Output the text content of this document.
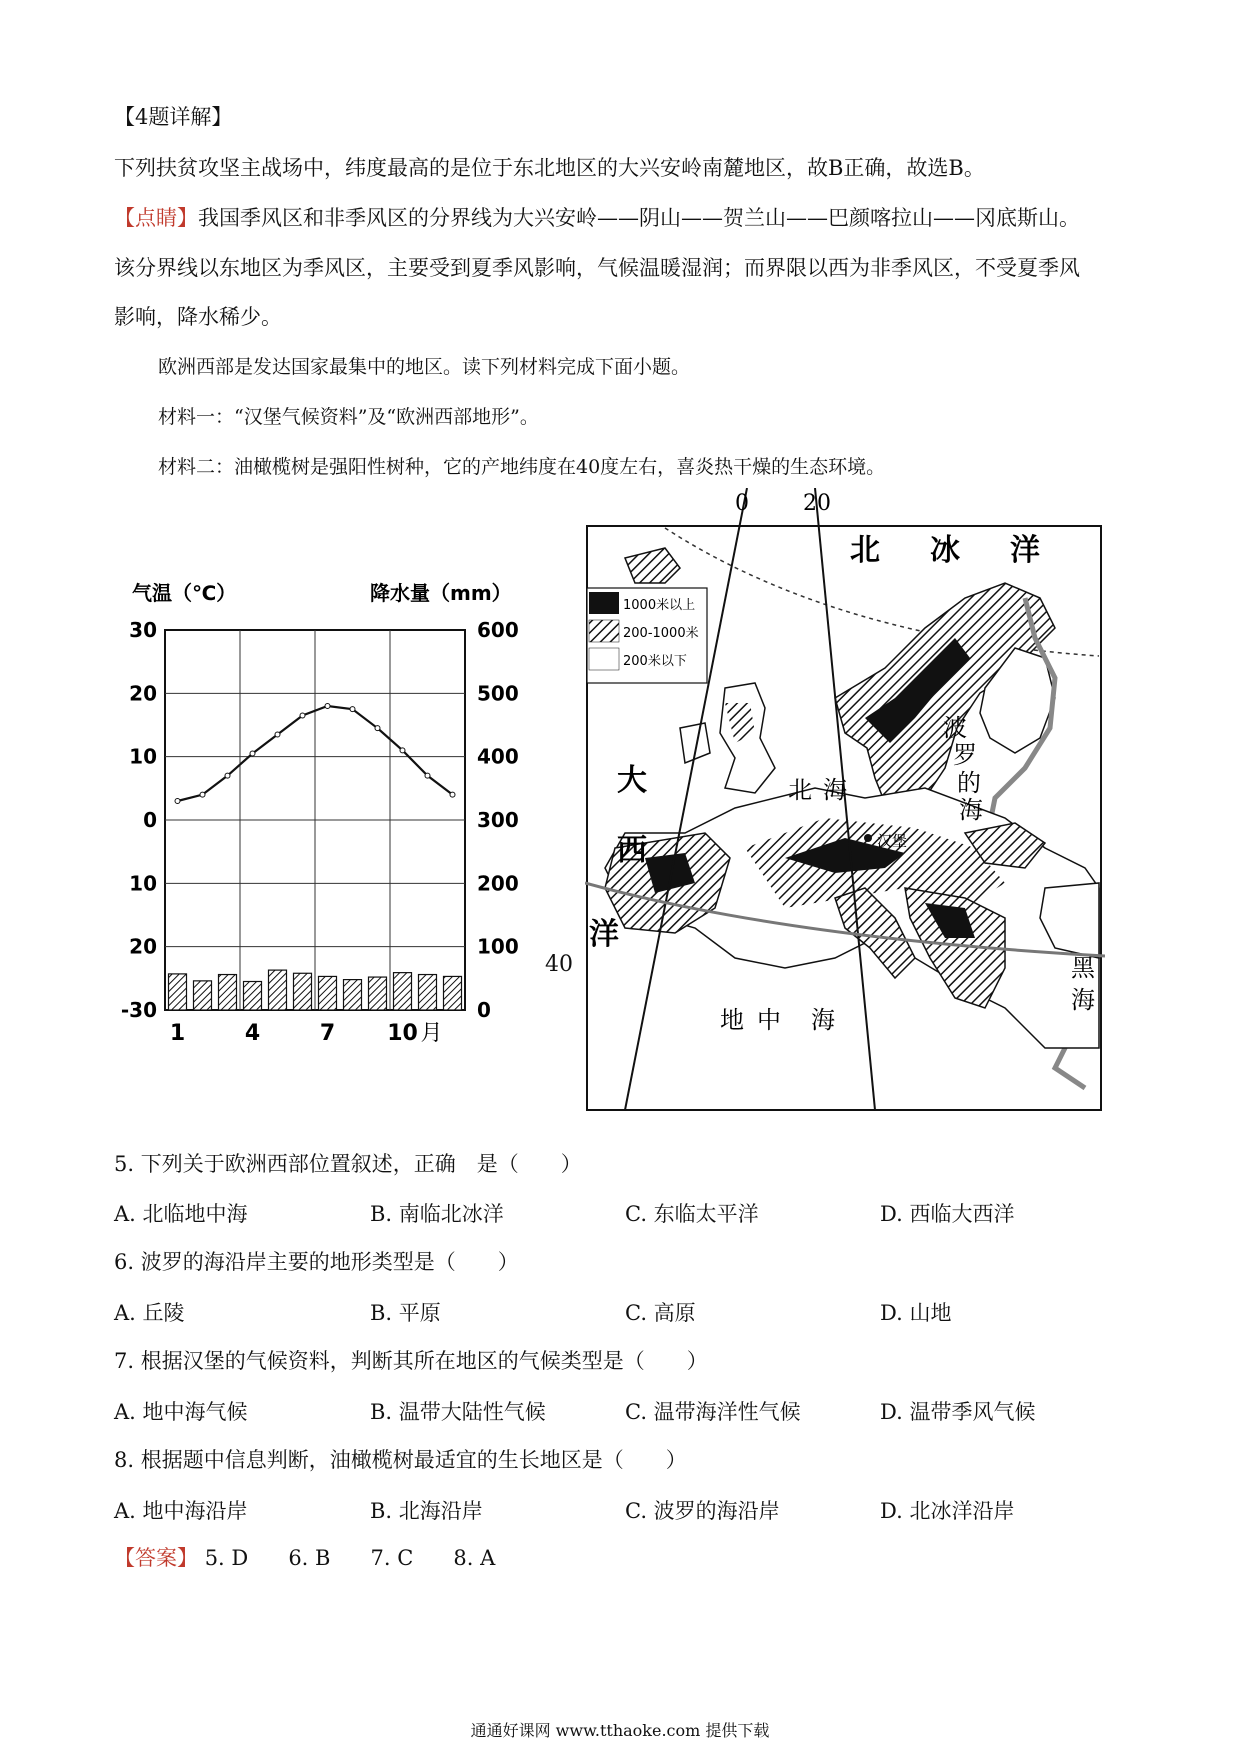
【4题详解】
下列扶贫攻坚主战场中，纬度最高的是位于东北地区的大兴安岭南麓地区，故B正确，故选B。
【点睛】我国季风区和非季风区的分界线为大兴安岭——阴山——贺兰山——巴颜喀拉山——冈底斯山。
该分界线以东地区为季风区，主要受到夏季风影响，气候温暖湿润；而界限以西为非季风区，不受夏季风
影响，降水稀少。
欧洲西部是发达国家最集中的地区。读下列材料完成下面小题。
材料一：“汉堡气候资料”及“欧洲西部地形”。
材料二：油橄榄树是强阳性树种，它的产地纬度在40度左右，喜炎热干燥的生态环境。
30
20
10
0
10
20
-30
600
500
400
300
200
100
0
1	4	7 10 月
气温（℃）	降水量（mm）
1000米以上
200-1000米
200米以下
北 冰 洋
大
西
洋
北 海
波
罗
的
海
地 中 海
黑
海
汉堡
0 20
40
5. 下列关于欧洲西部位置叙述，正确　是（　　）
A. 北临地中海	B. 南临北冰洋	C. 东临太平洋	D. 西临大西洋
6. 波罗的海沿岸主要的地形类型是（　　）
A. 丘陵	B. 平原	C. 高原	D. 山地
7. 根据汉堡的气候资料，判断其所在地区的气候类型是（　　）
A. 地中海气候	B. 温带大陆性气候	C. 温带海洋性气候	D. 温带季风气候
8. 根据题中信息判断，油橄榄树最适宜的生长地区是（　　）
A. 地中海沿岸	B. 北海沿岸	C. 波罗的海沿岸	D. 北冰洋沿岸
【答案】 5. D 6. B 7. C 8. A
通通好课网 www.tthaoke.com 提供下载
